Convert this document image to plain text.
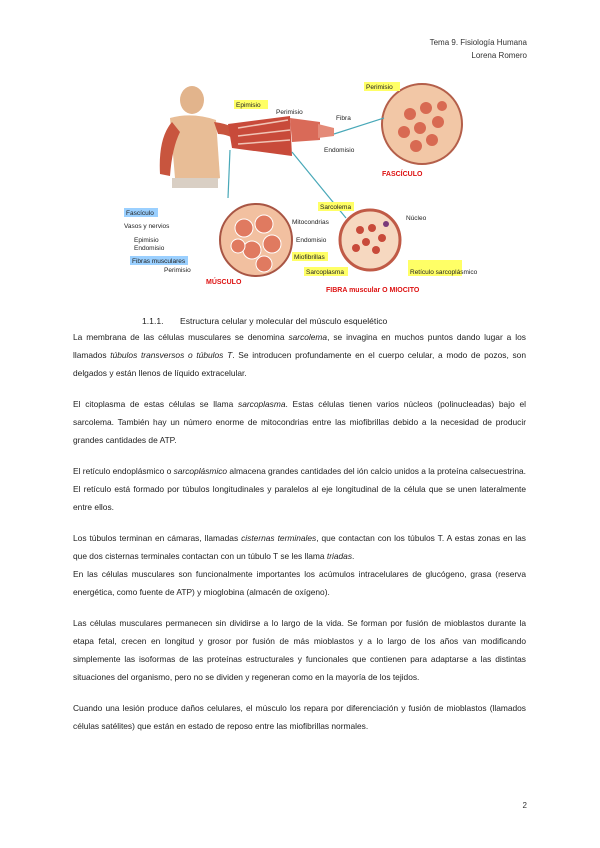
Tema 9. Fisiología Humana
Lorena Romero
Epimisio
Perimisio
Perimisio
Fibra
Endomisio
FASCÍCULO
Fascículo
Vasos y nervios
Epimisio
Endomisio
Fibras musculares
Perimisio
MÚSCULO
Sarcolema
Mitocondrias
Endomisio
Miofibrillas
Sarcoplasma
Núcleo
Retículo sarcoplásmico
FIBRA muscular O MIOCITO
1.1.1. Estructura celular y molecular del músculo esquelético

La membrana de las células musculares se denomina sarcolema, se invagina en muchos puntos dando lugar a los llamados túbulos transversos o túbulos T. Se introducen profundamente en el cuerpo celular, a modo de pozos, son delgados y están llenos de líquido extracelular.

El citoplasma de estas células se llama sarcoplasma. Estas células tienen varios núcleos (polinucleadas) bajo el sarcolema. También hay un número enorme de mitocondrias entre las miofibrillas debido a la necesidad de producir grandes cantidades de ATP.

El retículo endoplásmico o sarcoplásmico almacena grandes cantidades del ión calcio unidos a la proteína calsecuestrina. El retículo está formado por túbulos longitudinales y paralelos al eje longitudinal de la célula que se unen lateralmente entre ellos.

Los túbulos terminan en cámaras, llamadas cisternas terminales, que contactan con los túbulos T. A estas zonas en las que dos cisternas terminales contactan con un túbulo T se les llama triadas.

En las células musculares son funcionalmente importantes los acúmulos intracelulares de glucógeno, grasa (reserva energética, como fuente de ATP) y mioglobina (almacén de oxígeno).

Las células musculares permanecen sin dividirse a lo largo de la vida. Se forman por fusión de mioblastos durante la etapa fetal, crecen en longitud y grosor por fusión de más mioblastos y a lo largo de los años van modificando simplemente las isoformas de las proteínas estructurales y funcionales que contienen para adaptarse a las distintas situaciones del organismo, pero no se dividen y regeneran como en la mayoría de los tejidos.

Cuando una lesión produce daños celulares, el músculo los repara por diferenciación y fusión de mioblastos (llamados células satélites) que están en estado de reposo entre las miofibrillas normales.

2
